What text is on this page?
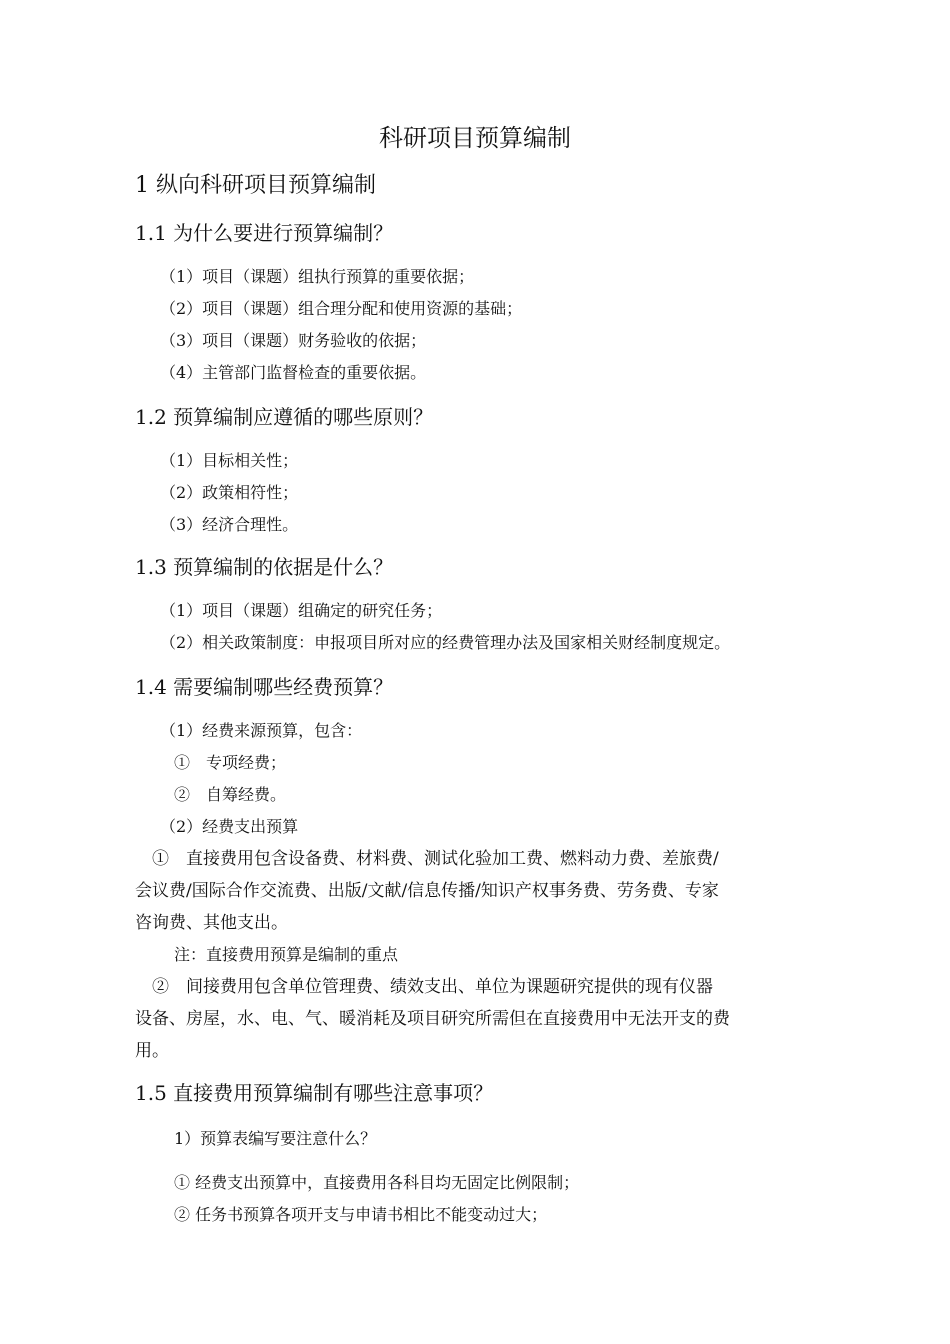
科研项目预算编制

1 纵向科研项目预算编制

1.1 为什么要进行预算编制？

（1）项目（课题）组执行预算的重要依据；

（2）项目（课题）组合理分配和使用资源的基础；

（3）项目（课题）财务验收的依据；

（4）主管部门监督检查的重要依据。

1.2 预算编制应遵循的哪些原则？

（1）目标相关性；

（2）政策相符性；

（3）经济合理性。

1.3 预算编制的依据是什么？

（1）项目（课题）组确定的研究任务；

（2）相关政策制度：申报项目所对应的经费管理办法及国家相关财经制度规定。

1.4 需要编制哪些经费预算？

（1）经费来源预算，包含：

①　专项经费；

②　自筹经费。

（2）经费支出预算

　①　直接费用包含设备费、材料费、测试化验加工费、燃料动力费、差旅费/

会议费/国际合作交流费、出版/文献/信息传播/知识产权事务费、劳务费、专家

咨询费、其他支出。

注：直接费用预算是编制的重点

　②　间接费用包含单位管理费、绩效支出、单位为课题研究提供的现有仪器

设备、房屋，水、电、气、暖消耗及项目研究所需但在直接费用中无法开支的费

用。

1.5 直接费用预算编制有哪些注意事项？

1）预算表编写要注意什么？

① 经费支出预算中，直接费用各科目均无固定比例限制；

② 任务书预算各项开支与申请书相比不能变动过大；
